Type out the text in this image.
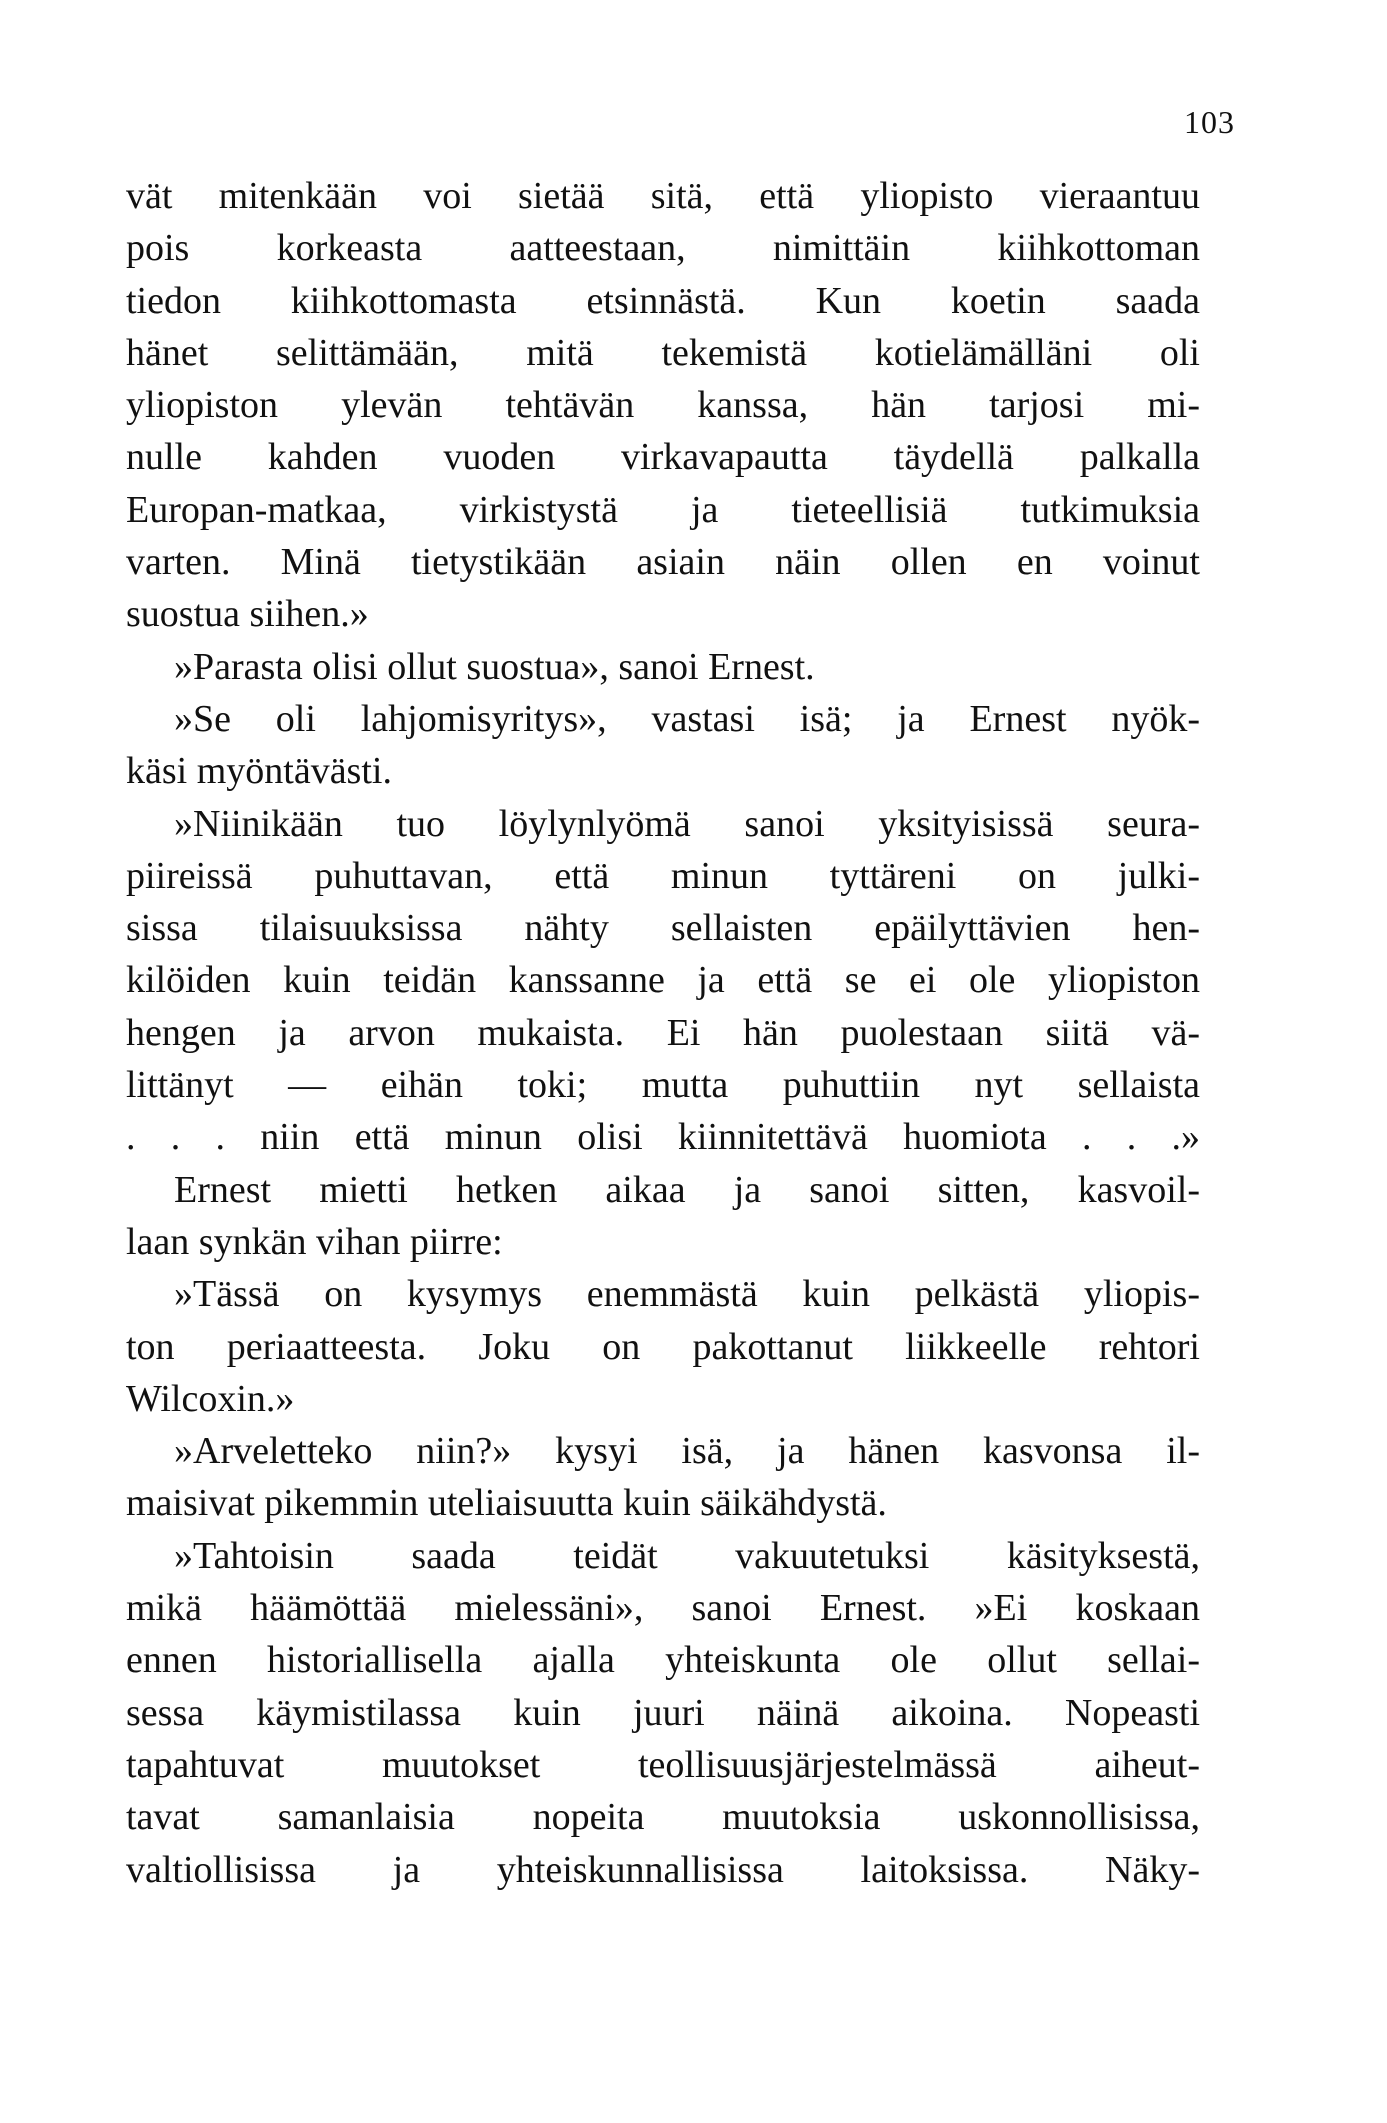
103
vät mitenkään voi sietää sitä, että yliopisto vieraantuu
pois korkeasta aatteestaan, nimittäin kiihkottoman
tiedon kiihkottomasta etsinnästä. Kun koetin saada
hänet selittämään, mitä tekemistä kotielämälläni oli
yliopiston ylevän tehtävän kanssa, hän tarjosi mi-
nulle kahden vuoden virkavapautta täydellä palkalla
Europan-matkaa, virkistystä ja tieteellisiä tutkimuksia
varten. Minä tietystikään asiain näin ollen en voinut
suostua siihen.»
»Parasta olisi ollut suostua», sanoi Ernest.
»Se oli lahjomisyritys», vastasi isä; ja Ernest nyök-
käsi myöntävästi.
»Niinikään tuo löylynlyömä sanoi yksityisissä seura-
piireissä puhuttavan, että minun tyttäreni on julki-
sissa tilaisuuksissa nähty sellaisten epäilyttävien hen-
kilöiden kuin teidän kanssanne ja että se ei ole yliopiston
hengen ja arvon mukaista. Ei hän puolestaan siitä vä-
littänyt — eihän toki; mutta puhuttiin nyt sellaista
. . . niin että minun olisi kiinnitettävä huomiota . . .»
Ernest mietti hetken aikaa ja sanoi sitten, kasvoil-
laan synkän vihan piirre:
»Tässä on kysymys enemmästä kuin pelkästä yliopis-
ton periaatteesta. Joku on pakottanut liikkeelle rehtori
Wilcoxin.»
»Arveletteko niin?» kysyi isä, ja hänen kasvonsa il-
maisivat pikemmin uteliaisuutta kuin säikähdystä.
»Tahtoisin saada teidät vakuutetuksi käsityksestä,
mikä häämöttää mielessäni», sanoi Ernest. »Ei koskaan
ennen historiallisella ajalla yhteiskunta ole ollut sellai-
sessa käymistilassa kuin juuri näinä aikoina. Nopeasti
tapahtuvat muutokset teollisuusjärjestelmässä aiheut-
tavat samanlaisia nopeita muutoksia uskonnollisissa,
valtiollisissa ja yhteiskunnallisissa laitoksissa. Näky-
